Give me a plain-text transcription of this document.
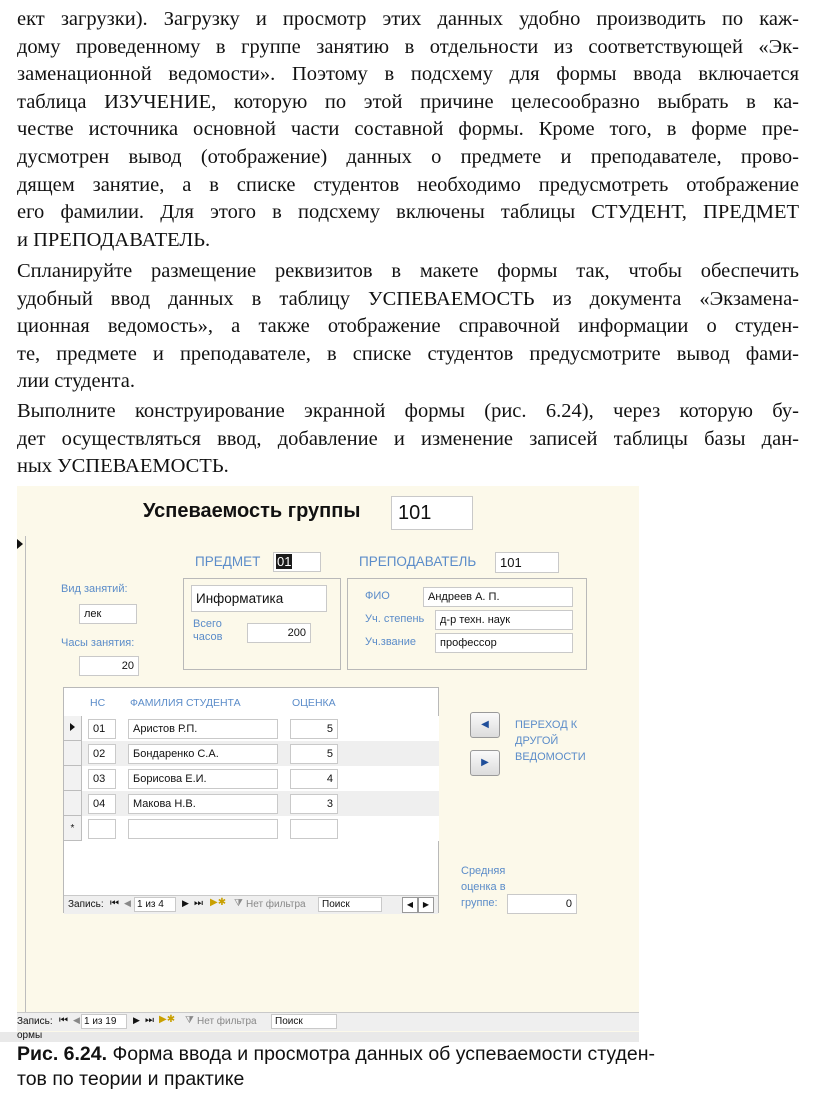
ект загрузки). Загрузку и просмотр этих данных удобно производить по каж-
дому проведенному в группе занятию в отдельности из соответствующей «Эк-
заменационной ведомости». Поэтому в подсхему для формы ввода включается
таблица ИЗУЧЕНИЕ, которую по этой причине целесообразно выбрать в ка-
честве источника основной части составной формы. Кроме того, в форме пре-
дусмотрен вывод (отображение) данных о предмете и преподавателе, прово-
дящем занятие, а в списке студентов необходимо предусмотреть отображение
его фамилии. Для этого в подсхему включены таблицы СТУДЕНТ, ПРЕДМЕТ
и ПРЕПОДАВАТЕЛЬ.
Спланируйте размещение реквизитов в макете формы так, чтобы обеспечить
удобный ввод данных в таблицу УСПЕВАЕМОСТЬ из документа «Экзамена-
ционная ведомость», а также отображение справочной информации о студен-
те, предмете и преподавателе, в списке студентов предусмотрите вывод фами-
лии студента.
Выполните конструирование экранной формы (рис. 6.24), через которую бу-
дет осуществляться ввод, добавление и изменение записей таблицы базы дан-
ных УСПЕВАЕМОСТЬ.
Успеваемость группы	101
ПРЕДМЕТ	01	ПРЕПОДАВАТЕЛЬ	101
Вид занятий:
лек
Часы занятия:
20
Информатика
Всего
часов	200
ФИО	Андреев А. П.
Уч. степень	д-р техн. наук
Уч.звание	профессор
НС ФАМИЛИЯ СТУДЕНТА	ОЦЕНКА
01	Аристов Р.П.	5
02	Бондаренко С.А.	5
03	Борисова Е.И.	4
04	Макова Н.В.	3
*
Запись: ⏮ ◀ 1 из 4	▶ ⏭ ▶✱ ⧩ Нет фильтра	Поиск	◀	▶
◀
▶
ПЕРЕХОД К
ДРУГОЙ
ВЕДОМОСТИ
Средняя
оценка в
группе:	0
Запись: ⏮ ◀ 1 из 19	▶ ⏭ ▶✱ ⧩ Нет фильтра	Поиск
ормы
Рис. 6.24. Форма ввода и просмотра данных об успеваемости студен-
тов по теории и практике
